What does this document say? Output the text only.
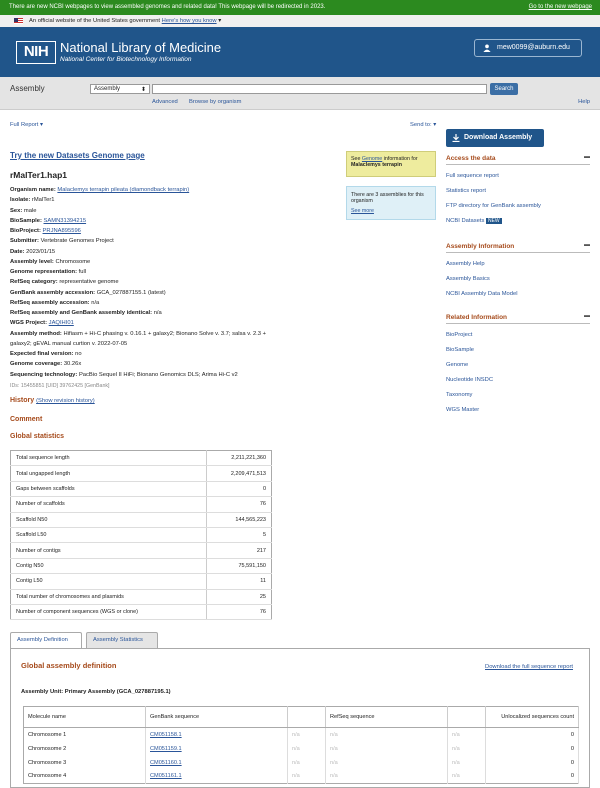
There are new NCBI webpages to view assembled genomes and related data! This webpage will be redirected in 2023.	Go to the new webpage
An official website of the United States government Here's how you know ▾
NIH National Library of Medicine
National Center for Biotechnology Information
mew0099@auburn.edu
Assembly	Assembly	⬍	Search
Advanced Browse by organism	Help
Full Report ▾	Send to: ▾
Download Assembly
Try the new Datasets Genome page
rMalTer1.hap1
Organism name: Malaclemys terrapin pileata (diamondback terrapin)
Isolate: rMalTer1
Sex: male
BioSample: SAMN31394215
BioProject: PRJNA895596
Submitter: Vertebrate Genomes Project
Date: 2023/01/15
Assembly level: Chromosome
Genome representation: full
RefSeq category: representative genome
GenBank assembly accession: GCA_027887155.1 (latest)
RefSeq assembly accession: n/a
RefSeq assembly and GenBank assembly identical: n/a
WGS Project: JAQIHI01
Assembly method: Hifiasm + Hi-C phasing v. 0.16.1 + galaxy2; Bionano Solve v. 3.7; salsa v. 2.3 +
galaxy2; gEVAL manual curtion v. 2022-07-05
Expected final version: no
Genome coverage: 30.26x
Sequencing technology: PacBio Sequel II HiFi; Bionano Genomics DLS; Arima Hi-C v2
See Genome information for
Malaclemys terrapin
There are 3 assemblies for this organism
See more
Access the data	▬
Full sequence report
Statistics report
FTP directory for GenBank assembly
NCBI Datasets NEW
Assembly Information	▬
Assembly Help
Assembly Basics
NCBI Assembly Data Model
Related Information	▬
BioProject
BioSample
Genome
Nucleotide INSDC
Taxonomy
WGS Master
IDs: 15455851 [UID] 39762425 [GenBank]
History (Show revision history)
Comment
Global statistics
Total sequence length	2,211,221,360
Total ungapped length	2,209,471,513
Gaps between scaffolds	0
Number of scaffolds	76
Scaffold N50	144,565,223
Scaffold L50	5
Number of contigs	217
Contig N50	75,591,150
Contig L50	11
Total number of chromosomes and plasmids	25
Number of component sequences (WGS or clone)	76
Assembly Definition	Assembly Statistics
Global assembly definition	Download the full sequence report
Assembly Unit: Primary Assembly (GCA_027887195.1)
Molecule name	GenBank sequence		RefSeq sequence		Unlocalized sequences count
Chromosome 1	CM051158.1	n/a	n/a	n/a	0
Chromosome 2	CM051159.1	n/a	n/a	n/a	0
Chromosome 3	CM051160.1	n/a	n/a	n/a	0
Chromosome 4	CM051161.1	n/a	n/a	n/a	0
